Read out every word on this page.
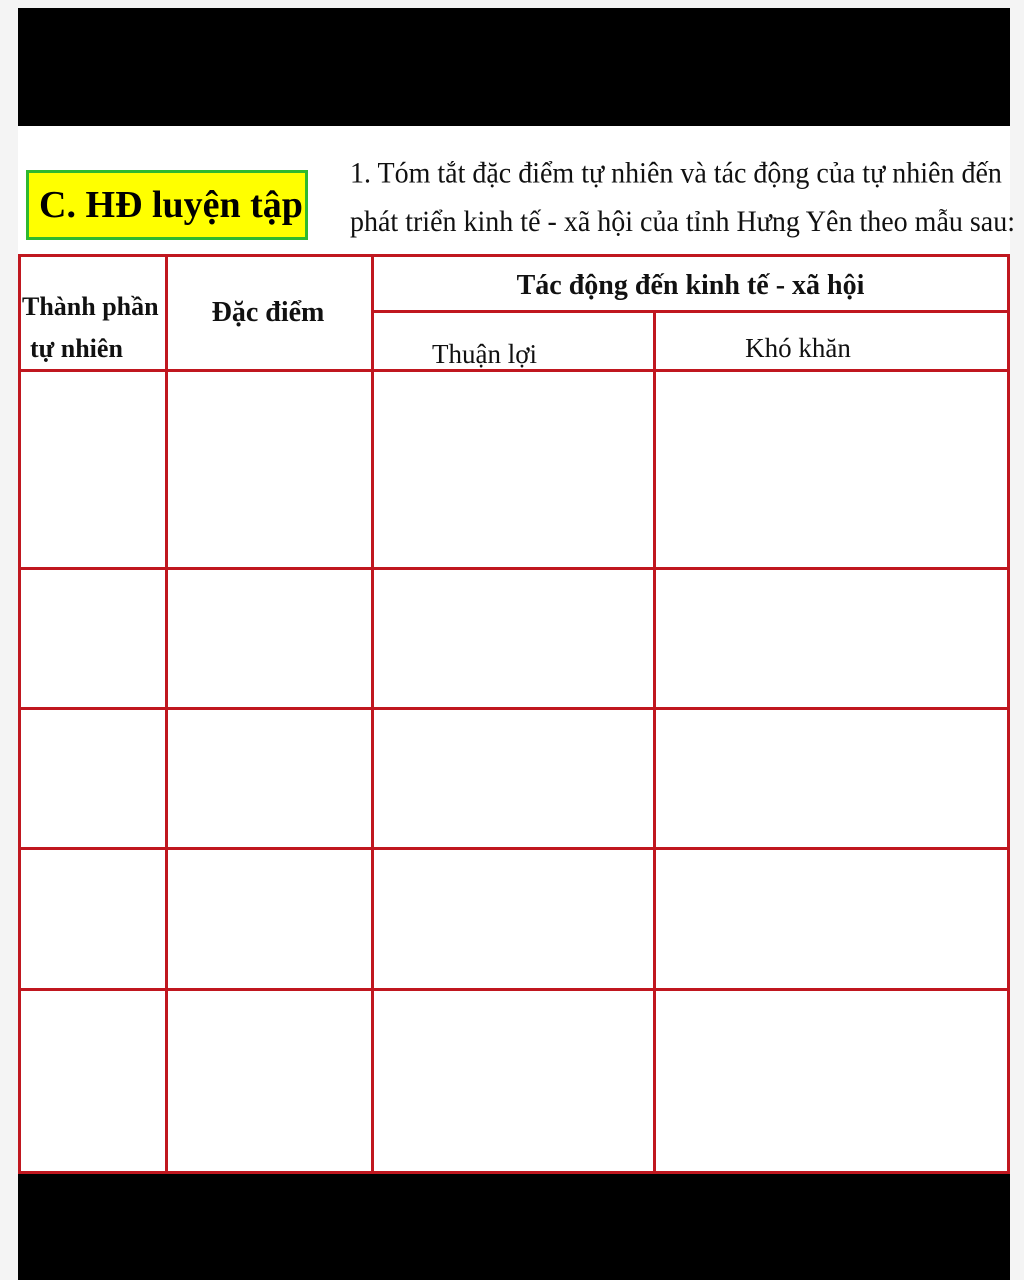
C. HĐ luyện tập
1. Tóm tắt đặc điểm tự nhiên và tác động của tự nhiên đến
phát triển kinh tế - xã hội của tỉnh Hưng Yên theo mẫu sau:
Thành phần
tự nhiên
Đặc điểm
Tác động đến kinh tế - xã hội
Thuận lợi	Khó khăn
